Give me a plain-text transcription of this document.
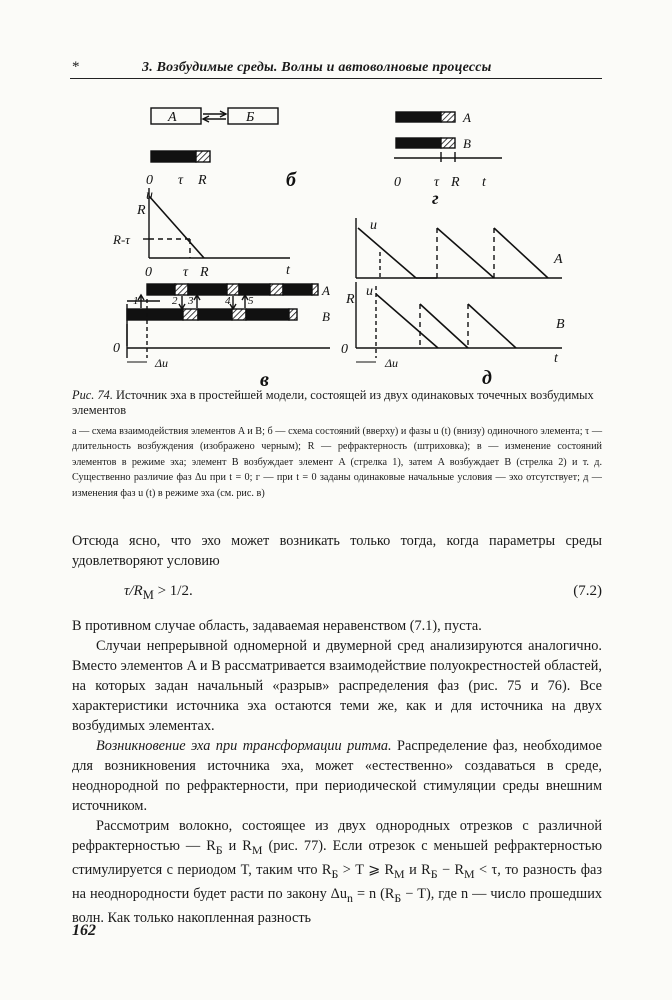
*	3. Возбудимые среды. Волны и автоволновые процессы
A	Б
б
0 τ R
u
R
R-τ
0 τ R	t
A
В
1	2 3	4 5
0
Δu
в
A
В
0 τ R t
г
u
A
R
u
В
0
t
Δu
д
Рис. 74. Источник эха в простейшей модели, состоящей из двух одинаковых точечных возбудимых элементов
а — схема взаимодействия элементов A и B; б — схема состояний (вверху) и фазы u (t) (внизу) одиночного элемента; τ — длительность возбуждения (изображено черным); R — рефрактерность (штриховка); в — изменение состояний элементов в режиме эха; элемент B возбуждает элемент A (стрелка 1), затем A возбуждает B (стрелка 2) и т. д. Существенно различие фаз Δu при t = 0; г — при t = 0 заданы одинаковые начальные условия — эхо отсутствует; д — изменения фаз u (t) в режиме эха (см. рис. в)

Отсюда ясно, что эхо может возникать только тогда, когда параметры среды удовлетворяют условию

$\tau/R_М > 1/2$.	(7.2)

В противном случае область, задаваемая неравенством (7.1), пуста.

Случаи непрерывной одномерной и двумерной сред анализируются аналогично. Вместо элементов A и B рассматривается взаимодействие полуокрестностей областей, на которых задан начальный «разрыв» распределения фаз (рис. 75 и 76). Все характеристики источника эха остаются теми же, как и для источника на двух возбудимых элементах.

Возникновение эха при трансформации ритма. Распределение фаз, необходимое для возникновения источника эха, может «естественно» создаваться в среде, неоднородной по рефрактерности, при периодической стимуляции среды внешним источником.

Рассмотрим волокно, состоящее из двух однородных отрезков с различной рефрактерностью — $R_Б$ и $R_М$ (рис. 77). Если отрезок с меньшей рефрактерностью стимулируется с периодом T, таким что $R_Б > T$ ⩾ $R_М$ и $R_Б - R_М < \tau$, то разность фаз на неоднородности будет расти по закону $\Delta u_n = n$ $(R_Б - T)$, где n — число прошедших волн. Как только накопленная разность

162
